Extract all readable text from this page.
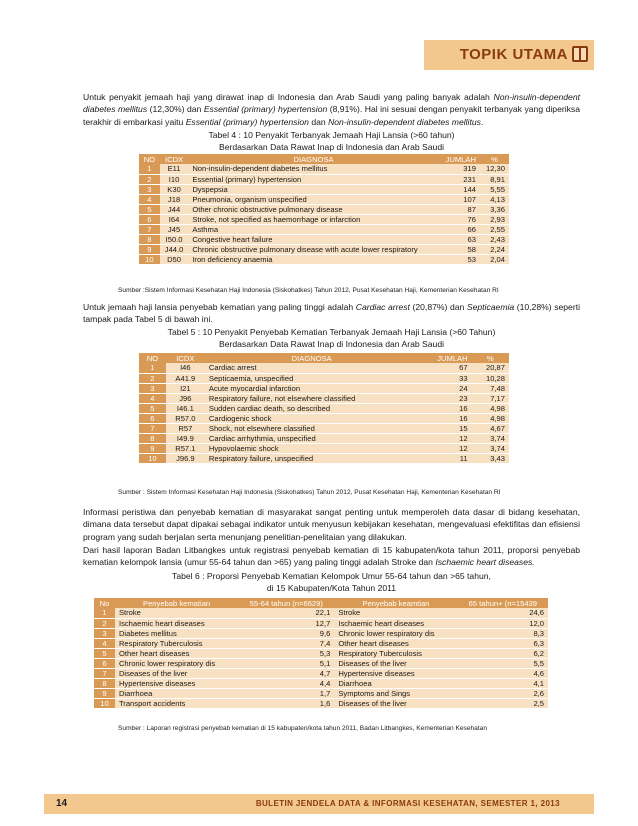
TOPIK UTAMA

Untuk penyakit jemaah haji yang dirawat inap di Indonesia dan Arab Saudi yang paling banyak adalah Non-insulin-dependent diabetes mellitus (12,30%) dan Essential (primary) hypertension (8,91%). Hal ini sesuai dengan penyakit terbanyak yang diperiksa terakhir di embarkasi yaitu Essential (primary) hypertension dan Non-insulin-dependent diabetes mellitus.

Tabel 4 : 10 Penyakit Terbanyak Jemaah Haji Lansia (>60 tahun)
Berdasarkan Data Rawat Inap di Indonesia dan Arab Saudi
NO	ICDX	DIAGNOSA	JUMLAH	%
1	E11	Non-insulin-dependent diabetes mellitus	319	12,30
2	I10	Essential (primary) hypertension	231	8,91
3	K30	Dyspepsia	144	5,55
4	J18	Pneumonia, organism unspecified	107	4,13
5	J44	Other chronic obstructive pulmonary disease	87	3,36
6	I64	Stroke, not specified as haemorrhage or infarction	76	2,93
7	J45	Asthma	66	2,55
8	I50.0	Congestive heart failure	63	2,43
9	J44.0	Chronic obstructive pulmonary disease with acute lower respiratory	58	2,24
10	D50	Iron deficiency anaemia	53	2,04
Sumber :Sistem Informasi Kesehatan Haji Indonesia (Siskohatkes) Tahun 2012, Pusat Kesehatan Haji, Kementerian Kesehatan RI

Untuk jemaah haji lansia penyebab kematian yang paling tinggi adalah Cardiac arrest (20,87%) dan Septicaemia (10,28%) seperti tampak pada Tabel 5 di bawah ini.

Tabel 5 : 10 Penyakit Penyebab Kematian Terbanyak Jemaah Haji Lansia (>60 Tahun)
Berdasarkan Data Rawat Inap di Indonesia dan Arab Saudi
NO	ICDX	DIAGNOSA	JUMLAH	%
1	I46	Cardiac arrest	67	20,87
2	A41.9	Septicaemia, unspecified	33	10,28
3	I21	Acute myocardial infarction	24	7,48
4	J96	Respiratory failure, not elsewhere classified	23	7,17
5	I46.1	Sudden cardiac death, so described	16	4,98
6	R57.0	Cardiogenic shock	16	4,98
7	R57	Shock, not elsewhere classified	15	4,67
8	I49.9	Cardiac arrhythmia, unspecified	12	3,74
9	R57.1	Hypovolaemic shock	12	3,74
10	J96.9	Respiratory failure, unspecified	11	3,43
Sumber : Sistem Informasi Kesehatan Haji Indonesia (Siskohatkes) Tahun 2012, Pusat Kesehatan Haji, Kementerian Kesehatan RI

Informasi peristiwa dan penyebab kematian di masyarakat sangat penting untuk memperoleh data dasar di bidang kesehatan, dimana data tersebut dapat dipakai sebagai indikator untuk menyusun kebijakan kesehatan, mengevaluasi efektifitas dan efisiensi program yang sudah berjalan serta menunjang penelitian-penelitaian yang dilakukan.

Dari hasil laporan Badan Litbangkes untuk registrasi penyebab kematian di 15 kabupaten/kota tahun 2011, proporsi penyebab kematian kelompok lansia (umur 55-64 tahun dan >65) yang paling tinggi adalah Stroke dan Ischaemic heart diseases.

Tabel 6 : Proporsi Penyebab Kematian Kelompok Umur 55-64 tahun dan >65 tahun,
di 15 Kabupaten/Kota Tahun 2011
No	Penyebab kematian	55-64 tahun (n=6629)	Penyebab keamtian	65 tahun+ (n=15439
1	Stroke	22,1	Stroke	24,6
2	Ischaemic heart diseases	12,7	Ischaemic heart diseases	12,0
3	Diabetes mellitus	9,6	Chronic lower respiratory dis	8,3
4	Respiratory Tuberculosis	7,4	Other heart diseases	6,3
5	Other heart diseases	5,3	Respiratory Tuberculosis	6,2
6	Chronic lower respiratory dis	5,1	Diseases of the liver	5,5
7	Diseases of the liver	4,7	Hypertensive diseases	4,6
8	Hypertensive diseases	4,4	Diarrhoea	4,1
9	Diarrhoea	1,7	Symptoms and Sings	2,6
10	Transport accidents	1,6	Diseases of the liver	2,5
Sumber : Laporan registrasi penyebab kematian di 15 kabupaten/kota tahun 2011, Badan Litbangkes, Kementerian Kesehatan
14	BULETIN JENDELA DATA & INFORMASI KESEHATAN, SEMESTER 1, 2013
